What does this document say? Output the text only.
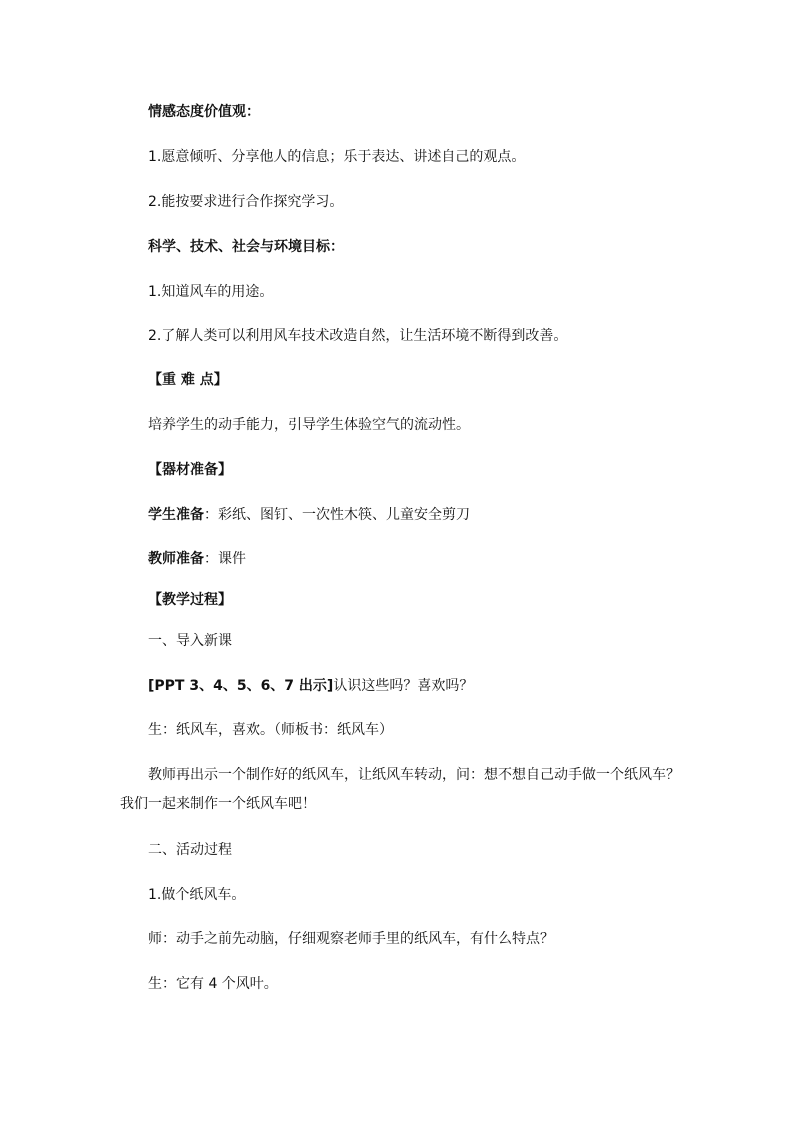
情感态度价值观：
1.愿意倾听、分享他人的信息；乐于表达、讲述自己的观点。
2.能按要求进行合作探究学习。
科学、技术、社会与环境目标：
1.知道风车的用途。
2.了解人类可以利用风车技术改造自然，让生活环境不断得到改善。
【重 难 点】
培养学生的动手能力，引导学生体验空气的流动性。
【器材准备】
学生准备：彩纸、图钉、一次性木筷、儿童安全剪刀
教师准备：课件
【教学过程】
一、导入新课
[PPT 3、4、5、6、7 出示]认识这些吗？喜欢吗？
生：纸风车，喜欢。（师板书：纸风车）
教师再出示一个制作好的纸风车，让纸风车转动，问：想不想自己动手做一个纸风车？
我们一起来制作一个纸风车吧！
二、活动过程
1.做个纸风车。
师：动手之前先动脑，仔细观察老师手里的纸风车，有什么特点？
生：它有 4 个风叶。
